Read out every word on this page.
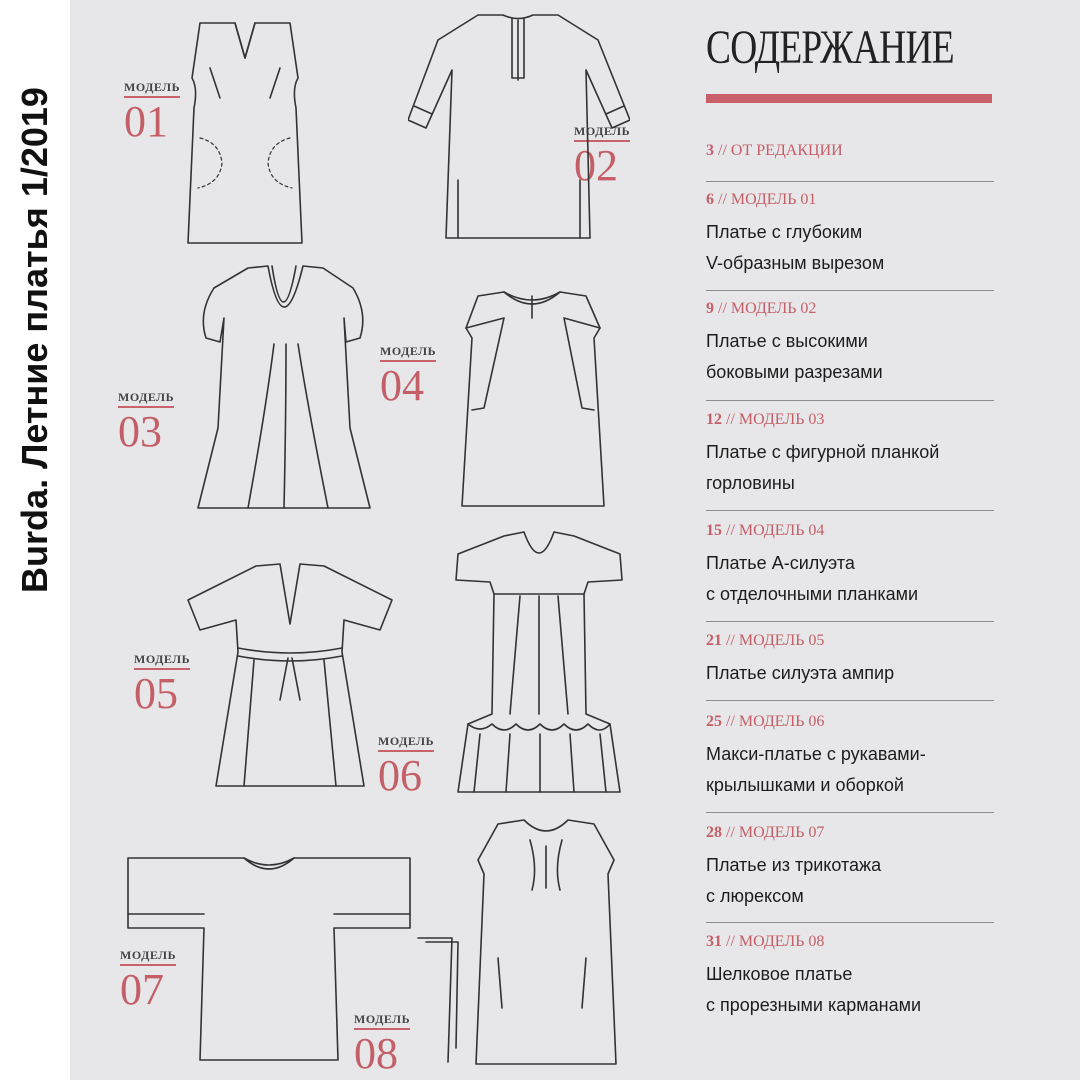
Burda. Летние платья 1/2019
МОДЕЛЬ
01	МОДЕЛЬ
02
МОДЕЛЬ
03
МОДЕЛЬ
04
МОДЕЛЬ
05
МОДЕЛЬ
06
МОДЕЛЬ
07
МОДЕЛЬ
08
СОДЕРЖАНИЕ
3 // ОТ РЕДАКЦИИ
6 // МОДЕЛЬ 01
Платье с глубоким
V-образным вырезом
9 // МОДЕЛЬ 02
Платье с высокими
боковыми разрезами
12 // МОДЕЛЬ 03
Платье с фигурной планкой
горловины
15 // МОДЕЛЬ 04
Платье А-силуэта
с отделочными планками
21 // МОДЕЛЬ 05
Платье силуэта ампир
25 // МОДЕЛЬ 06
Макси-платье с рукавами-
крылышками и оборкой
28 // МОДЕЛЬ 07
Платье из трикотажа
с люрексом
31 // МОДЕЛЬ 08
Шелковое платье
с прорезными карманами
